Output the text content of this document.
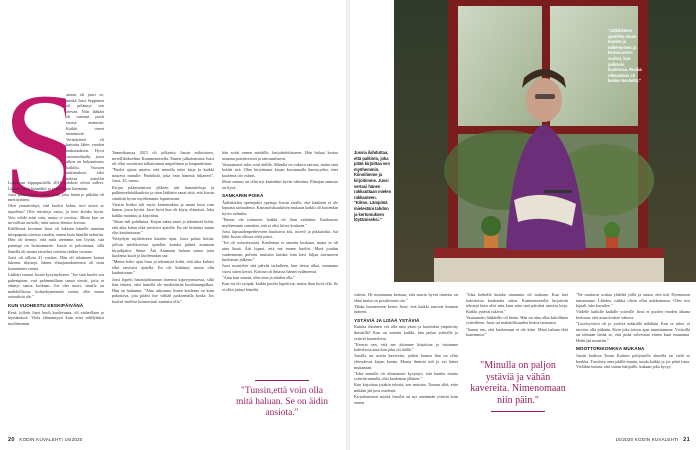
S

airaan oli juuri se, minkä Jussi Seppänen oli pelännyt sen olevan. Niin lääkäri oli sanonut puoli vuotta aiemmin. Kaikki oireet täsmäsivät. Verinäytteet oli katsottu lähes vuoden taukotauksen. Hyvä saurausuhjailu, jossa ulkoa on kokonaisuus kaikilta. Vuosien tutkimukset: eikö pohjaa ajatellut

Lokakuun loppupuolella 2016 tulokset olivat tulleet. Lääkäri soitti kuusikkö ja pyysi häntä käymään.

Jussi päätti kysyä ennen asian, joka häntä jo pitkään oli mietityttänyt.

Olen ymmärtänyt, että kuolen kohta, niin miten se tapahtuu? Olin miettinyt asiaa, ja koin kuinka hyvin. Voin tehdä mitä vain, mutta ei tarvitse. Mutta kun on turvallista minulle, mitä sanoa ihmiset kotona.

Edellisenä kevännä Jussi oli lukenut hänelle annetun infopaperin oireista vuoden, ennen kuin hänellä todettiin. Hän oli tiennyt, että mitä aiemmin sen löytää, sitä parempi on hoitoennuste. Jussia ei peloittanut, sillä hänellä oli monta taistelua voitettu sitäkin vastaan.

Jussi oli silloin 41 vuotias. Hän oli tuhannen kertaa lukenut tilastoja: hänen elinajanodotteensa oli noin kymmenen vuotta.

Lääkäri vastasi Jussin kysymykseen: "Jos sinä kuolet sen pahempaan, voit pahimmillaan sanoa viestit, joita et ehtinyt sanoa koskaan. Jos olet nuori, sinulla on mahdollisuus, kolmekymmentä vuotta, ellei muita sairauksia ole."

KUN VUOHESTU KESKIPÄIVÄNÄ

Kesä, jolloin Jussi huoli kuolevansa, oli vaiheillaan jo täyttämässä. Viela elämänsyyn kuin ettei edellyttäisi myöhemmin.

Tammikuussa 2015 oli julkaistu Jussin esikoisteos, novellikokoelma Kummenotsella. Ennen julkaisemista Jussi oli ollut vuosittain tolkuttoman umpeliinen ja kaupunkiinsa.

"Puolet ajasta mietin, että minulla tulee kirja ja kaikki naurava minulle. Päätöksiä, joka vain hänestä biljaneet", Jussi, 45, sanoo.

Kirjan julkaisemisen jälkeen tuli haastatteluja ja palkintoehdokkuuksia ja siten lääkärin sanat siitä, että Jussin siinäistä hyvin myöhemmin loputtomiin.

Viestin lisäksi tuli myös kertomuksia ja muun kuin vain hänen, jossa hyvää. Jussi hyvä kun oli käyty elämästä. Joka kaikki muuttuu ja kirjoittuu.

"Sitten tuli pohdintaa. Kirjan tukea antoi jo tekemistä kohti, että aika kuluu eikä tarvitsisi ajatella. En ole kiittänyt mutta olin kauhuissaan."

Vetäydyin myöhäiseen kauden ajan. Jussi palasi kotiin, jolloin mielikuvissa ajatellut kuinka päästä asumaan kirjailijaksi. Sinne. Äiti Ammaan haluan sanoa jotta kuolema kuoli ja kuolemakin saa.

"Menin koko ajan lisaa ja tekemistä kohti, että aika kuluisi eikä tarvitsisi ajatella. En ole kiittänyt, mutta olin kauhuissaan."

Jussi lopetti hautajaiskunnan itseensä kipeytymisessa, sillä hän viittasi, ettei hänellä ole merkittävää kuolemanpelkoa. Hän on halunnut. "Aina uskotaan, kuten kuolema on kuin pakottava, jota pitäisi itse välttää juoksemalla koska. Jos kuolisi itsellesi kiinnostaisi saattaisi olla."

hän soitti ennen miehille, harjoittelulaiseen. Hän haluai kertoa asianna positiivisesti ja rationaalisesti.

Vastaanoton tulos sotti äidille: Minulla on vakava sairaus, mutta sinä hoidat sitä. Olen kirjoittanut kirjan kuvaamalla ihmisyyden, ettei kuolema ole valmis.

Moni sairaus on ollut nyt kuitenkin hyvin valmiina. Elinajan ennuste on hyvä.

SANKARIN POIKA

Äidinkielen opettajaksi opettaja Jussin sisälle, että hänkään ei ole lopunut sairaudesta. Kantasolukuuluisen mukaan kaikki oli kuitenkin hyvin valmiita.

"Emme ole tottuneet, kaikki oli ihan valmiina. Kuukausia myöhemmin sanottiin, että ei olisi kiitos koskaan."

Jussi lapsuudenperheeseen kuuluivat äiti, isoveli ja pikkusisko. Isä lähti Jussin ollessa vielä pieni.

"Isä oli sotaveteraani. Kuolemaa ei sanottu koskaan, mutta se oli aina läsnä. Äiti lupasi, että me emme kuolisi. Minä joudun vanhemman polveni muistiin kuinka isän kävi hiljaa taivaaseen kuoleman jälkeen."

Jussi muistelee sitä päivää tarkalleen, kun tietoa alkoi, muutama vuosi sitten kertoi. Kotona oli ilmassa hänen sydämensä.

"Aina kun sanoin, olen aina ja tahdon olla."

Kun isä oli syöpää, kaikki puolet lopettivat, mutta ihan hyvä olla. Se ei ollut jäänyt häneltä.

"Tunsin,että voin olla mitä haluan. Se on äidin ansiota."
20 KODIN KUVALEHTI 16/2020
"Jälkikäteen ajatellen oman huolen ja näkemysten ja kertomusten vuoksi, kun pelkäsin kuolemaa. Ruoka oikeastaan oli kaiken keskellä."
Jussia ilahduttaa, että palkinto, joka pitää kirjoittaa sen myöhemmin. Kiinnitimme ja kirjoitimme. Jussi vertasi hänen rakkauttaan mielen rakkauteen. "Kiitos. Lämpimä mielestäni tahdon ja kertomuksen löytämiseksi."

vahvin. Hr muutaman kertaan, että suuria hyviä tunteita on ehkä muita on positiivinen olo."

Tähän huoneeseen kertoi Jussi, että kaikki sanovat kunnon tunteen.

YSTÄVIÄ JA LISÄÄ YSTÄVIÄ

Kuinka ihminen voi olla niin yksin ja kuitenkin ympäröity ihmisillä? Kun on sanottu kaikki, hän puhui ystäville ja ystävät kuuntelivat.

"Kerron sen, että me aloimme kirjoittaa ja istuimme kahvilassa aina kun joku oli täällä."

Jussilla on useita kavereita, joiden kanssa hän on ollut yhteydessä kirjan kautta. Monta ihmistä tuli ja vei hänet mukanaan.

"Joka minulle oli olennainen kysymys, että kuinka monta ystävää minulla olisi kuoleman jälkeen."

Kun kirjoittaa jotakin tekstiä, sen muistaa. Tuntuu siltä, ettei mikään jää pois mielestä.

Kirjoittamisen myötä Jussilla on nyt enemmän ystäviä kuin ennen.

"Joka hetkellä kuinka omatunto oli mukana. Kun luet kaksitoista kuukautta sitten. Kummenotsella kirjoittiin tekstejä kuin olisi niin kuin aina sinä päivänä sanottu kirja. Kaikki ystävät tukivat."

Vastaanotto lääkärille oli hieno. Hän on aina ollut kiitollinen ystävilleen. Jussi sai mahdollisuuden kertoa tarinansa.

"Sanon sen, että kuolemaan ei ole kiire. Minä haluan elää kauemmin."

"Minulla on paljon ystäviä ja vähän kavereita. Nimenomaan niin päin."

"Ne saattavat soittaa yhdeltä yöllä ja sanoa, että tule Dynamoon tanssimaan. Lähden, vaikka olisin ollut nukkumassa. Olen tosi lojaali, hän kuvailee."

Viidelle kaikille kaikille ystäville Jussi ei puolen vuoden aikana kertonut, että asiaa koskee vakava.

"Luottoystävä oli jo ystäviä määrällä nähdään. Kun se tulee, ei tarvitse olla pitkään. Kuin joka toisen ajan tunnistamme. Ystävillä on olenaan tietää se, että pitää valveutua ennen kuin muutama. Hetki jää muistiin."

MOOTTORIKONKKA MUKANA

Jussin kodissa Turun Kotinin pohjoisella alueella on vielä se konkka. Tarvitsee oma päälle muuta, tuoda kaikki ja jos pitää istua. Vieläkin tuntuu, että soitan lukijoille, kukaan joka kysyy.

16/2020 KODIN KUVALEHTI 21
